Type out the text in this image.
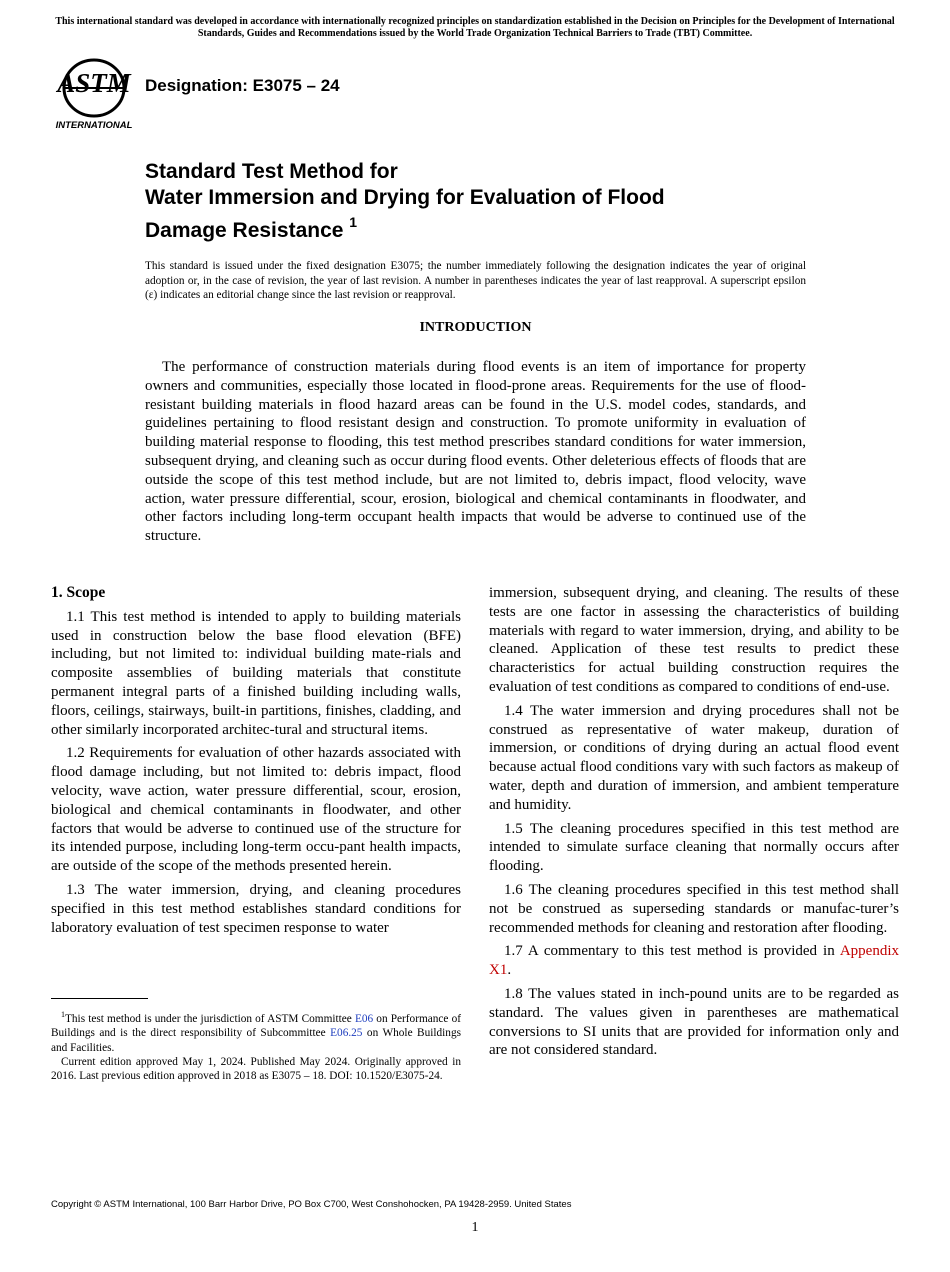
This international standard was developed in accordance with internationally recognized principles on standardization established in the Decision on Principles for the Development of International Standards, Guides and Recommendations issued by the World Trade Organization Technical Barriers to Trade (TBT) Committee.
ASTM
INTERNATIONAL
Designation: E3075 – 24
Standard Test Method for
Water Immersion and Drying for Evaluation of Flood
Damage Resistance $^1$
This standard is issued under the fixed designation E3075; the number immediately following the designation indicates the year of original adoption or, in the case of revision, the year of last revision. A number in parentheses indicates the year of last reapproval. A superscript epsilon (ε) indicates an editorial change since the last revision or reapproval.
INTRODUCTION

The performance of construction materials during flood events is an item of importance for property owners and communities, especially those located in flood-prone areas. Requirements for the use of flood-resistant building materials in flood hazard areas can be found in the U.S. model codes, standards, and guidelines pertaining to flood resistant design and construction. To promote uniformity in evaluation of building material response to flooding, this test method prescribes standard conditions for water immersion, subsequent drying, and cleaning such as occur during flood events. Other deleterious effects of floods that are outside the scope of this test method include, but are not limited to, debris impact, flood velocity, wave action, water pressure differential, scour, erosion, biological and chemical contaminants in floodwater, and other factors including long-term occupant health impacts that would be adverse to continued use of the structure.

1. Scope

1.1 This test method is intended to apply to building materials used in construction below the base flood elevation (BFE) including, but not limited to: individual building mate-rials and composite assemblies of building materials that constitute permanent integral parts of a finished building including walls, floors, ceilings, stairways, built-in partitions, finishes, cladding, and other similarly incorporated architec-tural and structural items.

1.2 Requirements for evaluation of other hazards associated with flood damage including, but not limited to: debris impact, flood velocity, wave action, water pressure differential, scour, erosion, biological and chemical contaminants in floodwater, and other factors that would be adverse to continued use of the structure for its intended purpose, including long-term occu-pant health impacts, are outside of the scope of the methods presented herein.

1.3 The water immersion, drying, and cleaning procedures specified in this test method establishes standard conditions for laboratory evaluation of test specimen response to water

$^1$This test method is under the jurisdiction of ASTM Committee E06 on Performance of Buildings and is the direct responsibility of Subcommittee E06.25 on Whole Buildings and Facilities.

Current edition approved May 1, 2024. Published May 2024. Originally approved in 2016. Last previous edition approved in 2018 as E3075 – 18. DOI: 10.1520/E3075-24.

immersion, subsequent drying, and cleaning. The results of these tests are one factor in assessing the characteristics of building materials with regard to water immersion, drying, and ability to be cleaned. Application of these test results to predict these characteristics for actual building construction requires the evaluation of test conditions as compared to conditions of end-use.

1.4 The water immersion and drying procedures shall not be construed as representative of water makeup, duration of immersion, or conditions of drying during an actual flood event because actual flood conditions vary with such factors as makeup of water, depth and duration of immersion, and ambient temperature and humidity.

1.5 The cleaning procedures specified in this test method are intended to simulate surface cleaning that normally occurs after flooding.

1.6 The cleaning procedures specified in this test method shall not be construed as superseding standards or manufac-turer’s recommended methods for cleaning and restoration after flooding.

1.7 A commentary to this test method is provided in Appendix X1.

1.8 The values stated in inch-pound units are to be regarded as standard. The values given in parentheses are mathematical conversions to SI units that are provided for information only and are not considered standard.

Copyright © ASTM International, 100 Barr Harbor Drive, PO Box C700, West Conshohocken, PA 19428-2959. United States
1
